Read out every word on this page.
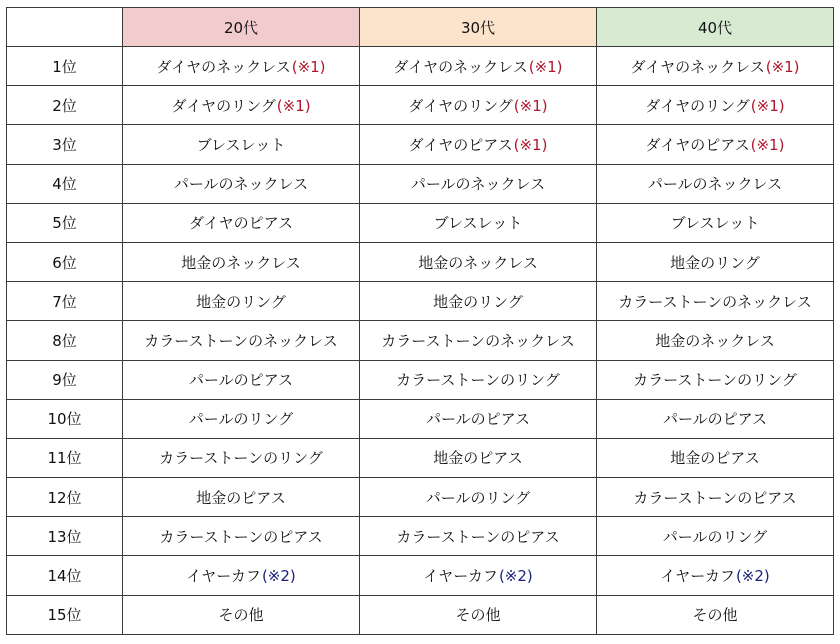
	20代	30代	40代
1位	ダイヤのネックレス(※1)	ダイヤのネックレス(※1)	ダイヤのネックレス(※1)
2位	ダイヤのリング(※1)	ダイヤのリング(※1)	ダイヤのリング(※1)
3位	ブレスレット	ダイヤのピアス(※1)	ダイヤのピアス(※1)
4位	パールのネックレス	パールのネックレス	パールのネックレス
5位	ダイヤのピアス	ブレスレット	ブレスレット
6位	地金のネックレス	地金のネックレス	地金のリング
7位	地金のリング	地金のリング	カラーストーンのネックレス
8位	カラーストーンのネックレス	カラーストーンのネックレス	地金のネックレス
9位	パールのピアス	カラーストーンのリング	カラーストーンのリング
10位	パールのリング	パールのピアス	パールのピアス
11位	カラーストーンのリング	地金のピアス	地金のピアス
12位	地金のピアス	パールのリング	カラーストーンのピアス
13位	カラーストーンのピアス	カラーストーンのピアス	パールのリング
14位	イヤーカフ(※2)	イヤーカフ(※2)	イヤーカフ(※2)
15位	その他	その他	その他
